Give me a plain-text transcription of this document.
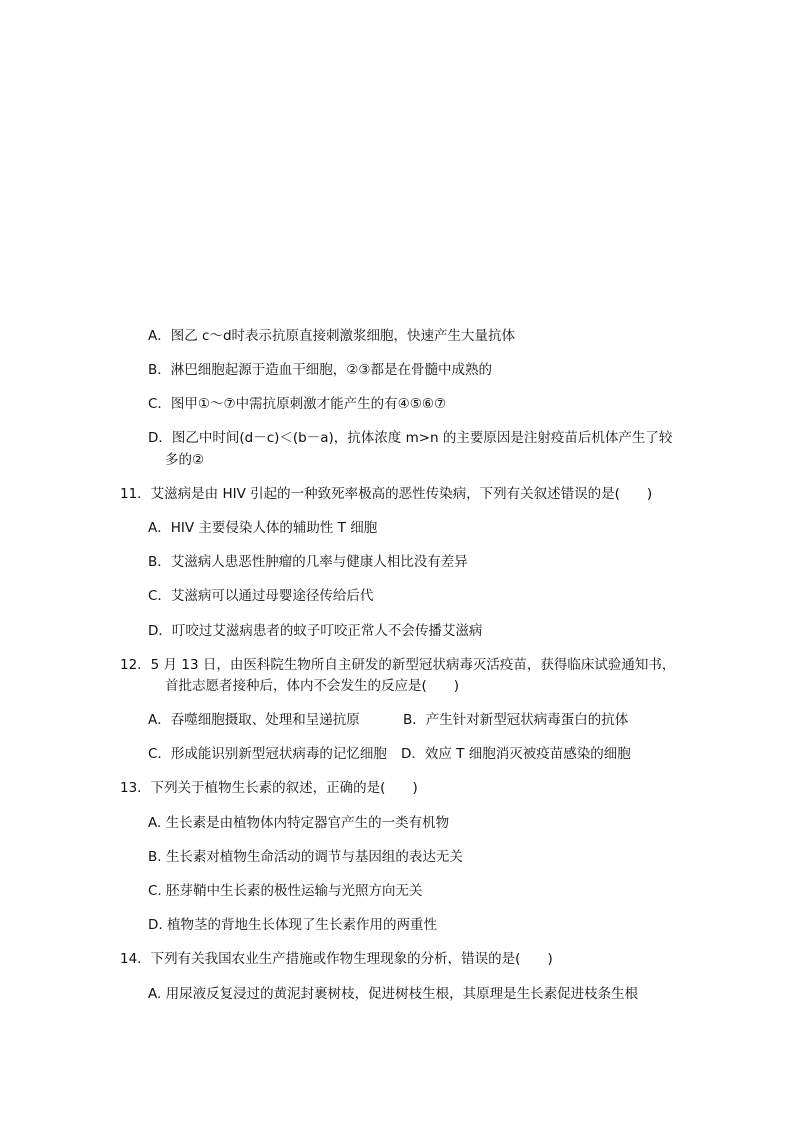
A．图乙 c～d时表示抗原直接刺激浆细胞，快速产生大量抗体
B．淋巴细胞起源于造血干细胞，②③都是在骨髓中成熟的
C．图甲①～⑦中需抗原刺激才能产生的有④⑤⑥⑦
D．图乙中时间(d－c)＜(b－a)，抗体浓度 m>n 的主要原因是注射疫苗后机体产生了较
多的②
11．艾滋病是由 HIV 引起的一种致死率极高的恶性传染病，下列有关叙述错误的是(　　)
A．HIV 主要侵染人体的辅助性 T 细胞
B．艾滋病人患恶性肿瘤的几率与健康人相比没有差异
C．艾滋病可以通过母婴途径传给后代
D．叮咬过艾滋病患者的蚊子叮咬正常人不会传播艾滋病
12．5 月 13 日，由医科院生物所自主研发的新型冠状病毒灭活疫苗，获得临床试验通知书，
首批志愿者接种后，体内不会发生的反应是(　　)
A．吞噬细胞摄取、处理和呈递抗原	B．产生针对新型冠状病毒蛋白的抗体
C．形成能识别新型冠状病毒的记忆细胞 D．效应 T 细胞消灭被疫苗感染的细胞
13．下列关于植物生长素的叙述，正确的是(　　)
A. 生长素是由植物体内特定器官产生的一类有机物
B. 生长素对植物生命活动的调节与基因组的表达无关
C. 胚芽鞘中生长素的极性运输与光照方向无关
D. 植物茎的背地生长体现了生长素作用的两重性
14．下列有关我国农业生产措施或作物生理现象的分析，错误的是(　　)
A. 用尿液反复浸过的黄泥封裹树枝，促进树枝生根，其原理是生长素促进枝条生根
